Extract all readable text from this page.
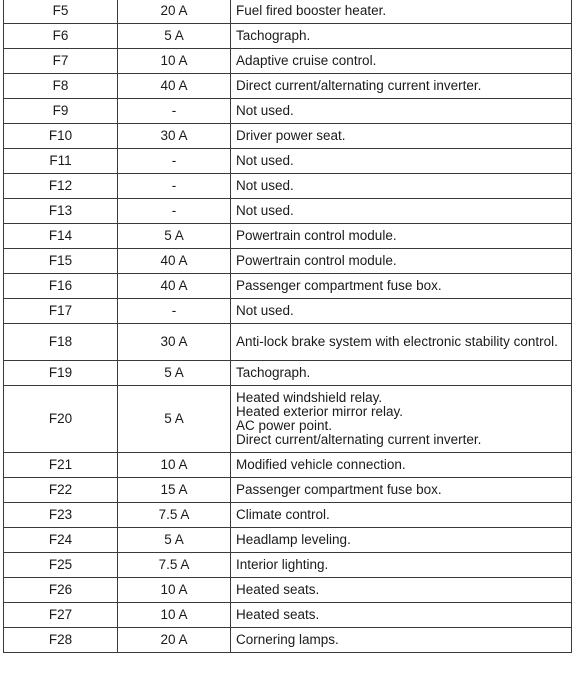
F5	20 A	Fuel fired booster heater.

F6	5 A	Tachograph.

F7	10 A	Adaptive cruise control.

F8	40 A	Direct current/alternating current inverter.

F9	-	Not used.

F10	30 A	Driver power seat.

F11	-	Not used.

F12	-	Not used.

F13	-	Not used.

F14	5 A	Powertrain control module.

F15	40 A	Powertrain control module.

F16	40 A	Passenger compartment fuse box.

F17	-	Not used.

F18	30 A	Anti-lock brake system with electronic stability control.

F19	5 A	Tachograph.

F20	5 A	Heated windshield relay.
Heated exterior mirror relay.
AC power point.
Direct current/alternating current inverter.

F21	10 A	Modified vehicle connection.

F22	15 A	Passenger compartment fuse box.

F23	7.5 A	Climate control.

F24	5 A	Headlamp leveling.

F25	7.5 A	Interior lighting.

F26	10 A	Heated seats.

F27	10 A	Heated seats.

F28	20 A	Cornering lamps.
